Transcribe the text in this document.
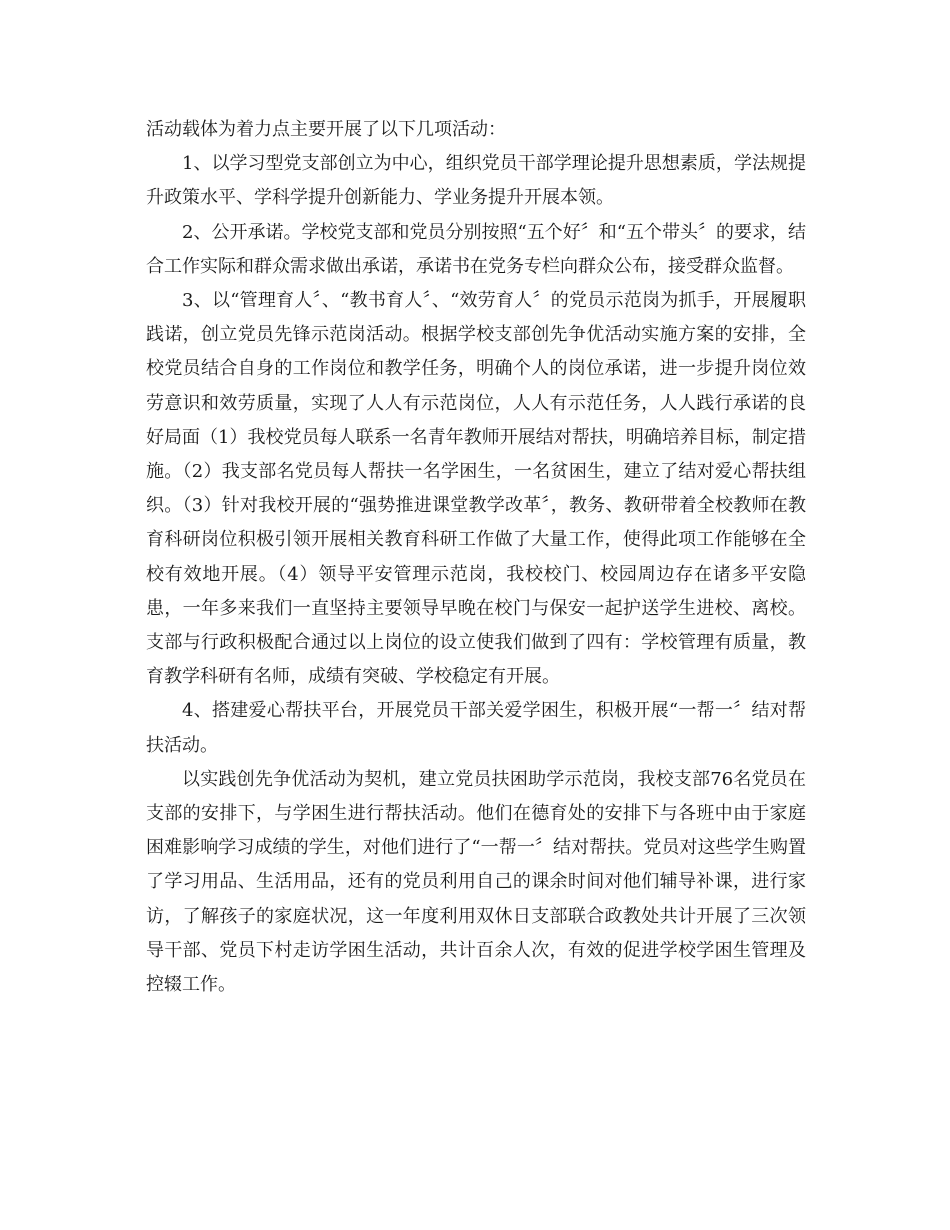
活动载体为着力点主要开展了以下几项活动：

1、以学习型党支部创立为中心，组织党员干部学理论提升思想素质，学法规提升政策水平、学科学提升创新能力、学业务提升开展本领。

2、公开承诺。学校党支部和党员分别按照“五个好〞和“五个带头〞的要求，结合工作实际和群众需求做出承诺，承诺书在党务专栏向群众公布，接受群众监督。

3、以“管理育人〞、“教书育人〞、“效劳育人〞的党员示范岗为抓手，开展履职践诺，创立党员先锋示范岗活动。根据学校支部创先争优活动实施方案的安排，全校党员结合自身的工作岗位和教学任务，明确个人的岗位承诺，进一步提升岗位效劳意识和效劳质量，实现了人人有示范岗位，人人有示范任务，人人践行承诺的良好局面（1）我校党员每人联系一名青年教师开展结对帮扶，明确培养目标，制定措施。（2）我支部名党员每人帮扶一名学困生，一名贫困生，建立了结对爱心帮扶组织。（3）针对我校开展的“强势推进课堂教学改革〞，教务、教研带着全校教师在教育科研岗位积极引领开展相关教育科研工作做了大量工作，使得此项工作能够在全校有效地开展。（4）领导平安管理示范岗，我校校门、校园周边存在诸多平安隐患，一年多来我们一直坚持主要领导早晚在校门与保安一起护送学生进校、离校。支部与行政积极配合通过以上岗位的设立使我们做到了四有：学校管理有质量，教育教学科研有名师，成绩有突破、学校稳定有开展。

4、搭建爱心帮扶平台，开展党员干部关爱学困生，积极开展“一帮一〞结对帮扶活动。

以实践创先争优活动为契机，建立党员扶困助学示范岗，我校支部76名党员在支部的安排下，与学困生进行帮扶活动。他们在德育处的安排下与各班中由于家庭困难影响学习成绩的学生，对他们进行了“一帮一〞结对帮扶。党员对这些学生购置了学习用品、生活用品，还有的党员利用自己的课余时间对他们辅导补课，进行家访，了解孩子的家庭状况，这一年度利用双休日支部联合政教处共计开展了三次领导干部、党员下村走访学困生活动，共计百余人次，有效的促进学校学困生管理及控辍工作。
